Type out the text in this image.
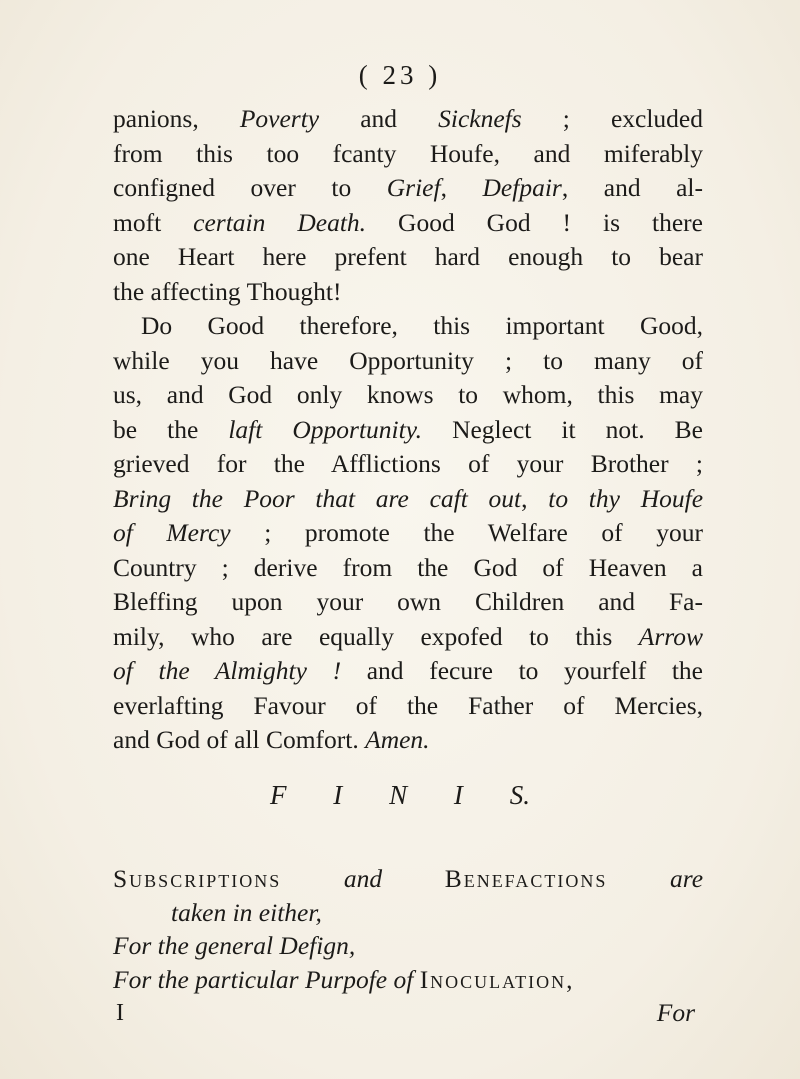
( 23 )
panions, Poverty and Sicknefs ; excluded
from this too fcanty Houfe, and miferably
configned over to Grief, Defpair, and al-
moft certain Death. Good God ! is there
one Heart here prefent hard enough to bear
the affecting Thought!
Do Good therefore, this important Good,
while you have Opportunity ; to many of
us, and God only knows to whom, this may
be the laft Opportunity. Neglect it not. Be
grieved for the Afflictions of your Brother ;
Bring the Poor that are caft out, to thy Houfe
of Mercy ; promote the Welfare of your
Country ; derive from the God of Heaven a
Bleffing upon your own Children and Fa-
mily, who are equally expofed to this Arrow
of the Almighty ! and fecure to yourfelf the
everlafting Favour of the Father of Mercies,
and God of all Comfort. Amen.
F I N I S.
Subscriptions and Benefactions are
taken in either,
For the general Defign,
For the particular Purpofe of Inoculation,
For
I
